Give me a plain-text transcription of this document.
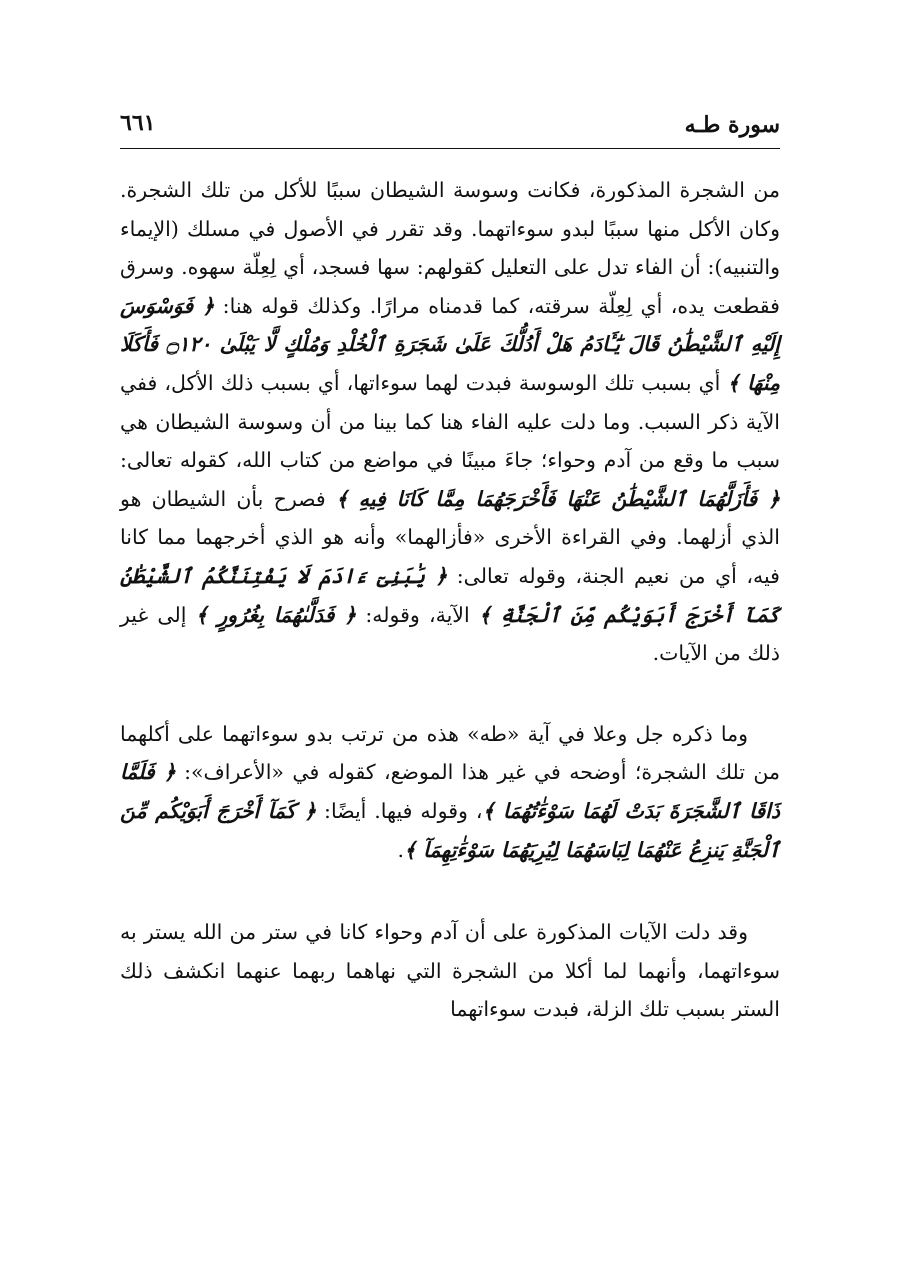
سورة طـه
٦٦١

من الشجرة المذكورة، فكانت وسوسة الشيطان سببًا للأكل من تلك الشجرة. وكان الأكل منها سببًا لبدو سوءاتهما. وقد تقرر في الأصول في مسلك (الإيماء والتنبيه): أن الفاء تدل على التعليل كقولهم: سها فسجد، أي لِعِلّة سهوه. وسرق فقطعت يده، أي لِعِلّة سرقته، كما قدمناه مرارًا. وكذلك قوله هنا: ﴿ فَوَسْوَسَ إِلَيْهِ ٱلشَّيْطَٰنُ قَالَ يَٰٓـَٔادَمُ هَلْ أَدُلُّكَ عَلَىٰ شَجَرَةِ ٱلْخُلْدِ وَمُلْكٍ لَّا يَبْلَىٰ ۝١٢٠ فَأَكَلَا مِنْهَا ﴾ أي بسبب تلك الوسوسة فبدت لهما سوءاتها، أي بسبب ذلك الأكل، ففي الآية ذكر السبب. وما دلت عليه الفاء هنا كما بينا من أن وسوسة الشيطان هي سبب ما وقع من آدم وحواء؛ جاءَ مبينًا في مواضع من كتاب الله، كقوله تعالى: ﴿ فَأَزَلَّهُمَا ٱلشَّيْطَٰنُ عَنْهَا فَأَخْرَجَهُمَا مِمَّا كَانَا فِيهِ ﴾ فصرح بأن الشيطان هو الذي أزلهما. وفي القراءة الأخرى «فأزالهما» وأنه هو الذي أخرجهما مما كانا فيه، أي من نعيم الجنة، وقوله تعالى: ﴿ يَٰبَنِىٓ ءَادَمَ لَا يَفْتِنَنَّكُمُ ٱلشَّيْطَٰنُ كَمَآ أَخْرَجَ أَبَوَيْكُم مِّنَ ٱلْجَنَّةِ ﴾ الآية، وقوله: ﴿ فَدَلَّىٰهُمَا بِغُرُورٍ ﴾ إلى غير ذلك من الآيات.

وما ذكره جل وعلا في آية «طه» هذه من ترتب بدو سوءاتهما على أكلهما من تلك الشجرة؛ أوضحه في غير هذا الموضع، كقوله في «الأعراف»: ﴿ فَلَمَّا ذَاقَا ٱلشَّجَرَةَ بَدَتْ لَهُمَا سَوْءَٰتُهُمَا ﴾، وقوله فيها. أيضًا: ﴿ كَمَآ أَخْرَجَ أَبَوَيْكُم مِّنَ ٱلْجَنَّةِ يَنزِعُ عَنْهُمَا لِبَاسَهُمَا لِيُرِيَهُمَا سَوْءَٰتِهِمَآ ﴾.

وقد دلت الآيات المذكورة على أن آدم وحواء كانا في ستر من الله يستر به سوءاتهما، وأنهما لما أكلا من الشجرة التي نهاهما ربهما عنهما انكشف ذلك الستر بسبب تلك الزلة، فبدت سوءاتهما
